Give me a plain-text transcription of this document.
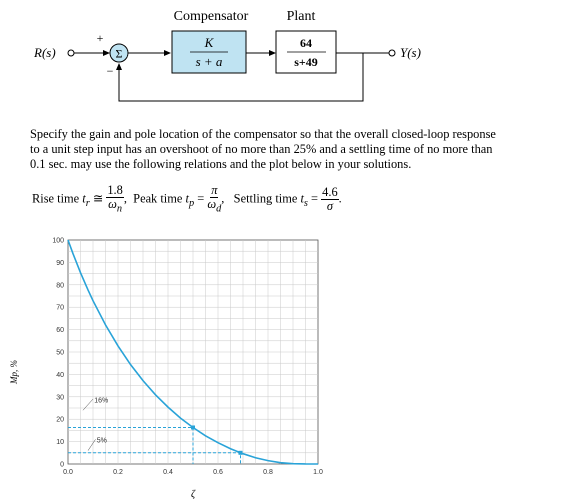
Compensator	Plant
R(s)	Y(s)
Σ
+
−
K
s + a
64
s+49

Specify the gain and pole location of the compensator so that the overall closed-loop response

to a unit step input has an overshoot of no more than 25% and a settling time of no more than

0.1 sec. may use the following relations and the plot below in your solutions.

Rise time $t_r$ ≅ $\frac{1.8}{\omega_n}$ , Peak time $t_p = \frac{\pi}{\omega_d}$ , Settling time $t_s = \frac{4.6}{\sigma}$ .
0
10
20
30
40
50
60
70
80
90
100
0.0	0.2	0.4	0.6	0.8	1.0
Mp, %
ζ
16%
5%
